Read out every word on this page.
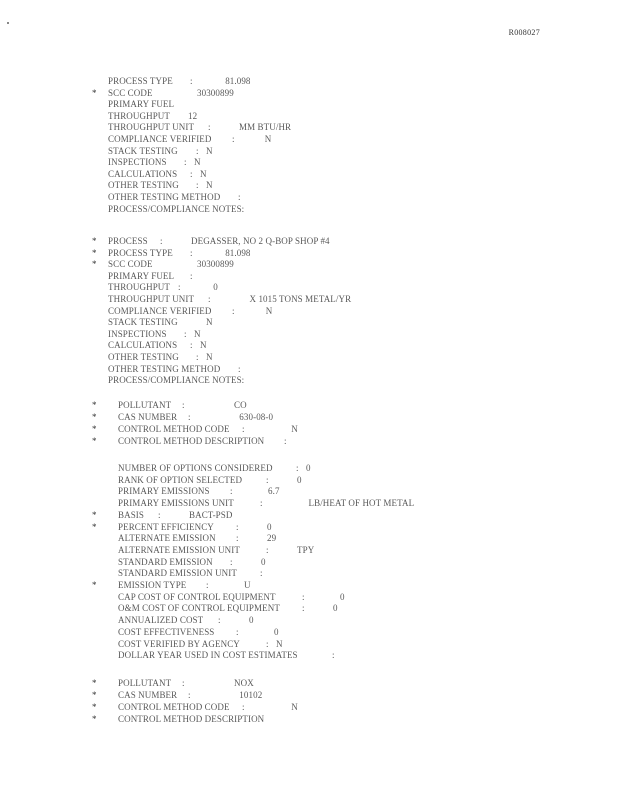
R008027
PROCESS TYPE :	81.098
* SCC CODE	30300899
PRIMARY FUEL
THROUGHPUT 12
THROUGHPUT UNIT :	MM BTU/HR
COMPLIANCE VERIFIED :	N
STACK TESTING : N
INSPECTIONS : N
CALCULATIONS : N
OTHER TESTING : N
OTHER TESTING METHOD :
PROCESS/COMPLIANCE NOTES:
* PROCESS :	DEGASSER, NO 2 Q-BOP SHOP #4
* PROCESS TYPE :	81.098
* SCC CODE	30300899
PRIMARY FUEL :
THROUGHPUT :	0
THROUGHPUT UNIT :	X 1015 TONS METAL/YR
COMPLIANCE VERIFIED :	N
STACK TESTING	N
INSPECTIONS : N
CALCULATIONS : N
OTHER TESTING : N
OTHER TESTING METHOD :
PROCESS/COMPLIANCE NOTES:
* POLLUTANT :	CO
* CAS NUMBER :	630-08-0
* CONTROL METHOD CODE :	N
* CONTROL METHOD DESCRIPTION :
NUMBER OF OPTIONS CONSIDERED	: 0
RANK OF OPTION SELECTED	:	0
PRIMARY EMISSIONS :	6.7
PRIMARY EMISSIONS UNIT	:	LB/HEAT OF HOT METAL
* BASIS :	BACT-PSD
* PERCENT EFFICIENCY :	0
ALTERNATE EMISSION :	29
ALTERNATE EMISSION UNIT	:	TPY
STANDARD EMISSION :	0
STANDARD EMISSION UNIT	:
* EMISSION TYPE :	U
CAP COST OF CONTROL EQUIPMENT	:	0
O&M COST OF CONTROL EQUIPMENT :	0
ANNUALIZED COST :	0
COST EFFECTIVENESS :	0
COST VERIFIED BY AGENCY	: N
DOLLAR YEAR USED IN COST ESTIMATES	:
* POLLUTANT :	NOX
* CAS NUMBER :	10102
* CONTROL METHOD CODE :	N
* CONTROL METHOD DESCRIPTION
